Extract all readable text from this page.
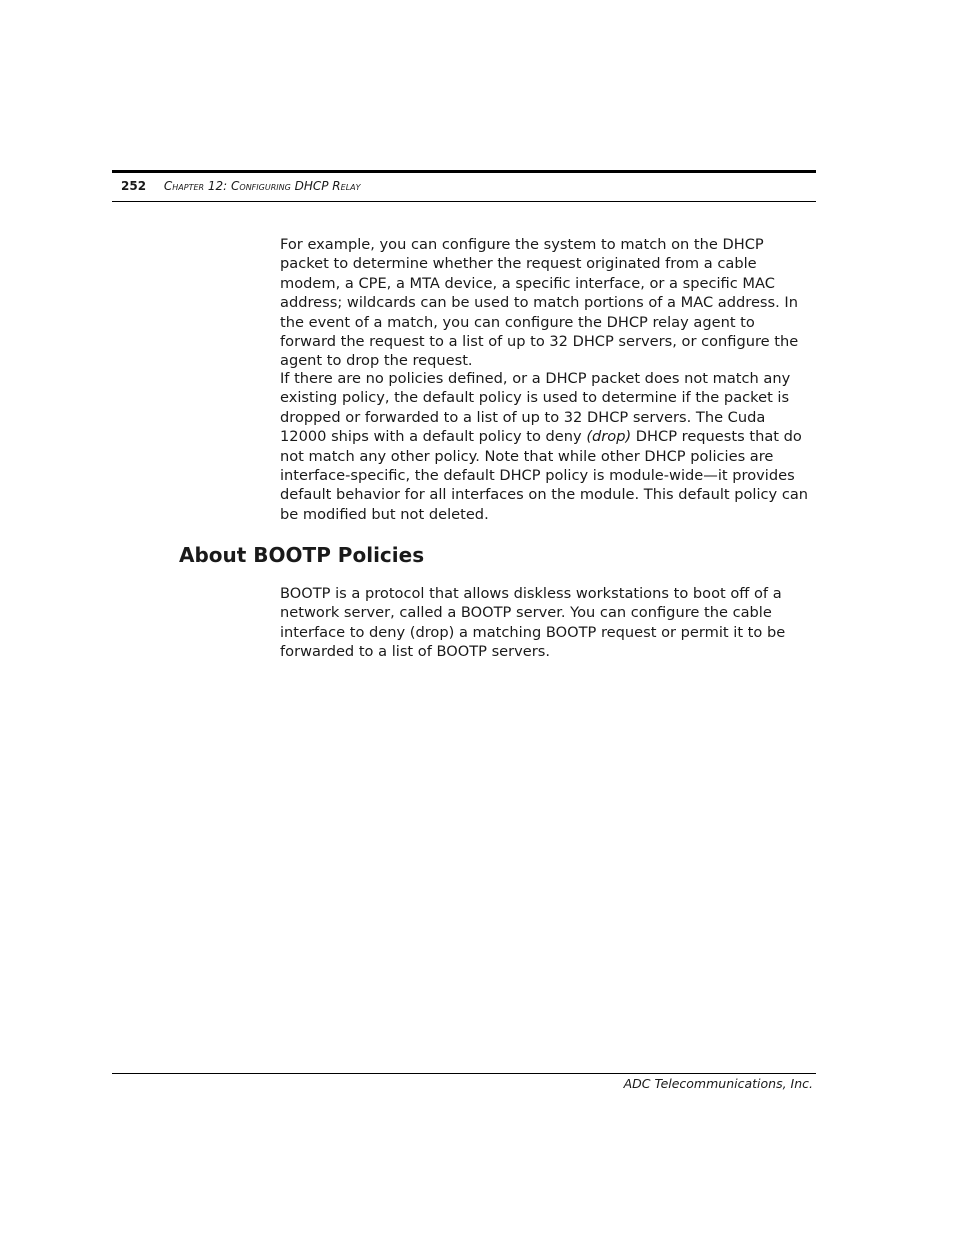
252 Chapter 12: Configuring DHCP Relay

For example, you can configure the system to match on the DHCP packet to determine whether the request originated from a cable modem, a CPE, a MTA device, a specific interface, or a specific MAC address; wildcards can be used to match portions of a MAC address. In the event of a match, you can configure the DHCP relay agent to forward the request to a list of up to 32 DHCP servers, or configure the agent to drop the request.

If there are no policies defined, or a DHCP packet does not match any existing policy, the default policy is used to determine if the packet is dropped or forwarded to a list of up to 32 DHCP servers. The Cuda 12000 ships with a default policy to deny (drop) DHCP requests that do not match any other policy. Note that while other DHCP policies are interface-specific, the default DHCP policy is module-wide—it provides default behavior for all interfaces on the module. This default policy can be modified but not deleted.

About BOOTP Policies

BOOTP is a protocol that allows diskless workstations to boot off of a network server, called a BOOTP server. You can configure the cable interface to deny (drop) a matching BOOTP request or permit it to be forwarded to a list of BOOTP servers.

ADC Telecommunications, Inc.
